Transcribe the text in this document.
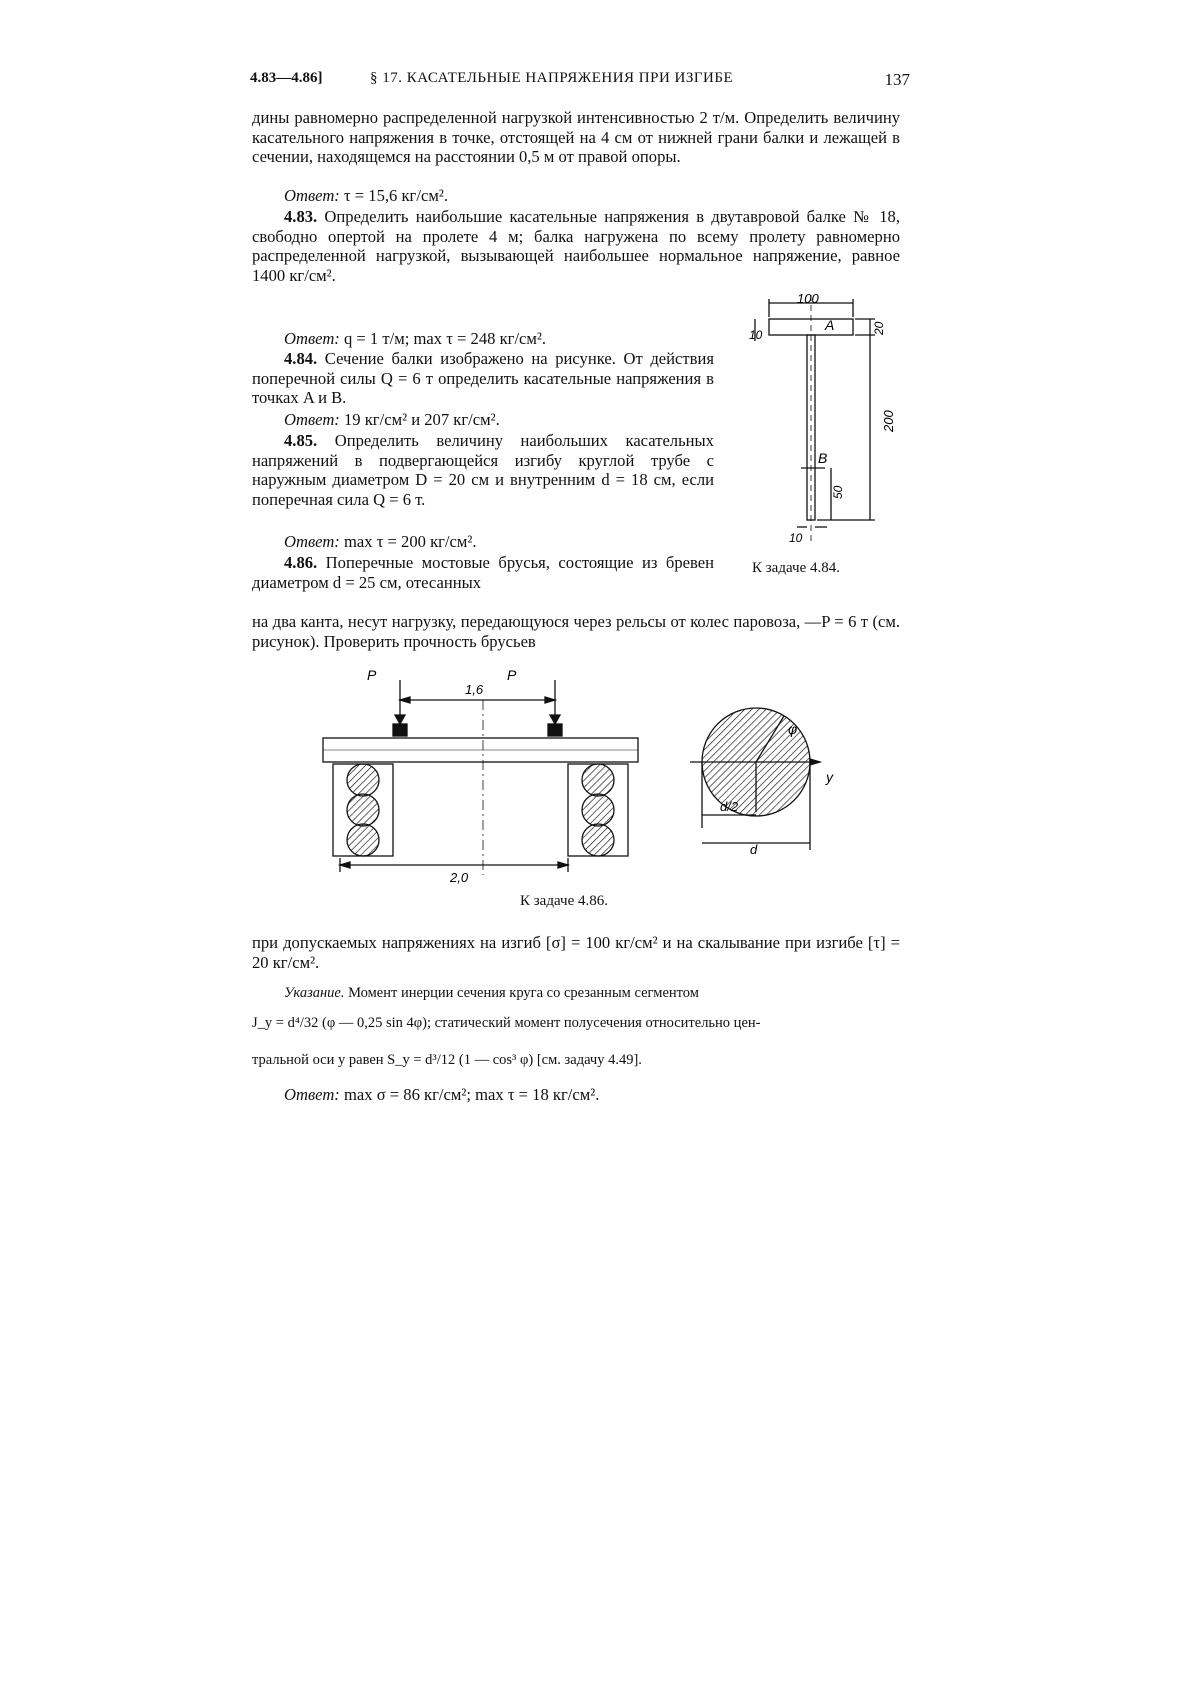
4.83—4.86]	§ 17. КАСАТЕЛЬНЫЕ НАПРЯЖЕНИЯ ПРИ ИЗГИБЕ	137
дины равномерно распределенной нагрузкой интенсивностью 2 т/м. Определить величину касательного напряжения в точке, отстоящей на 4 см от нижней грани балки и лежащей в сечении, находящемся на расстоянии 0,5 м от правой опоры.
Ответ: τ = 15,6 кг/см².
4.83. Определить наибольшие касательные напряжения в двутавровой балке № 18, свободно опертой на пролете 4 м; балка нагружена по всему пролету равномерно распределенной нагрузкой, вызывающей наибольшее нормальное напряжение, равное 1400 кг/см².
Ответ: q = 1 т/м; max τ = 248 кг/см².
4.84. Сечение балки изображено на рисунке. От действия поперечной силы Q = 6 т определить касательные напряжения в точках A и B.
Ответ: 19 кг/см² и 207 кг/см².
4.85. Определить величину наибольших касательных напряжений в подвергающейся изгибу круглой трубе с наружным диаметром D = 20 см и внутренним d = 18 см, если поперечная сила Q = 6 т.
Ответ: max τ = 200 кг/см².
4.86. Поперечные мостовые брусья, состоящие из бревен диаметром d = 25 см, отесанных
на два канта, несут нагрузку, передающуюся через рельсы от колес паровоза, —P = 6 т (см. рисунок). Проверить прочность брусьев
100
20
10
200
50
10
A
B
К задаче 4.84.
P	P
1,6
2,0
φ
y
d/2
d
К задаче 4.86.
при допускаемых напряжениях на изгиб [σ] = 100 кг/см² и на скалывание при изгибе [τ] = 20 кг/см².
Указание. Момент инерции сечения круга со срезанным сегментом
J_y = d⁴/32 (φ — 0,25 sin 4φ); статический момент полусечения относительно цен-
тральной оси y равен S_y = d³/12 (1 — cos³ φ) [см. задачу 4.49].
Ответ: max σ = 86 кг/см²; max τ = 18 кг/см².
